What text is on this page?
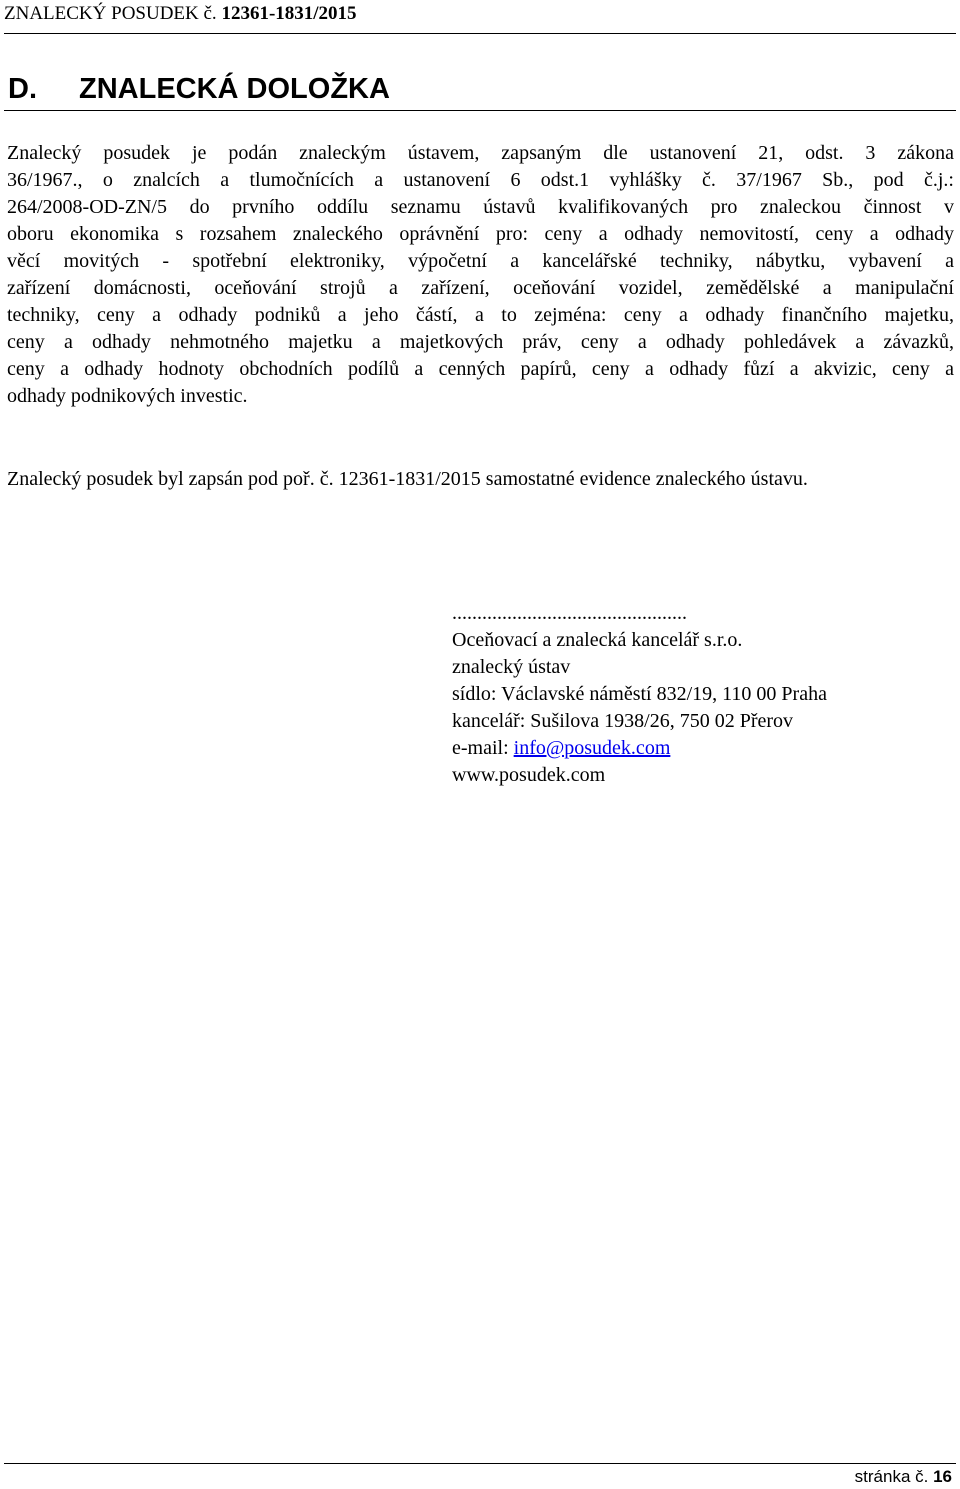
ZNALECKÝ POSUDEK č. 12361-1831/2015
D. ZNALECKÁ DOLOŽKA
Znalecký posudek je podán znaleckým ústavem, zapsaným dle ustanovení 21, odst. 3 zákona
36/1967., o znalcích a tlumočnících a ustanovení 6 odst.1 vyhlášky č. 37/1967 Sb., pod č.j.:
264/2008-OD-ZN/5 do prvního oddílu seznamu ústavů kvalifikovaných pro znaleckou činnost v
oboru ekonomika s rozsahem znaleckého oprávnění pro: ceny a odhady nemovitostí, ceny a odhady
věcí movitých - spotřební elektroniky, výpočetní a kancelářské techniky, nábytku, vybavení a
zařízení domácnosti, oceňování strojů a zařízení, oceňování vozidel, zemědělské a manipulační
techniky, ceny a odhady podniků a jeho částí, a to zejména: ceny a odhady finančního majetku,
ceny a odhady nehmotného majetku a majetkových práv, ceny a odhady pohledávek a závazků,
ceny a odhady hodnoty obchodních podílů a cenných papírů, ceny a odhady fůzí a akvizic, ceny a
odhady podnikových investic.
Znalecký posudek byl zapsán pod poř. č. 12361-1831/2015 samostatné evidence znaleckého ústavu.
...............................................
Oceňovací a znalecká kancelář s.r.o.
znalecký ústav
sídlo: Václavské náměstí 832/19, 110 00 Praha
kancelář: Sušilova 1938/26, 750 02 Přerov
e-mail: info@posudek.com
www.posudek.com
stránka č. 16
